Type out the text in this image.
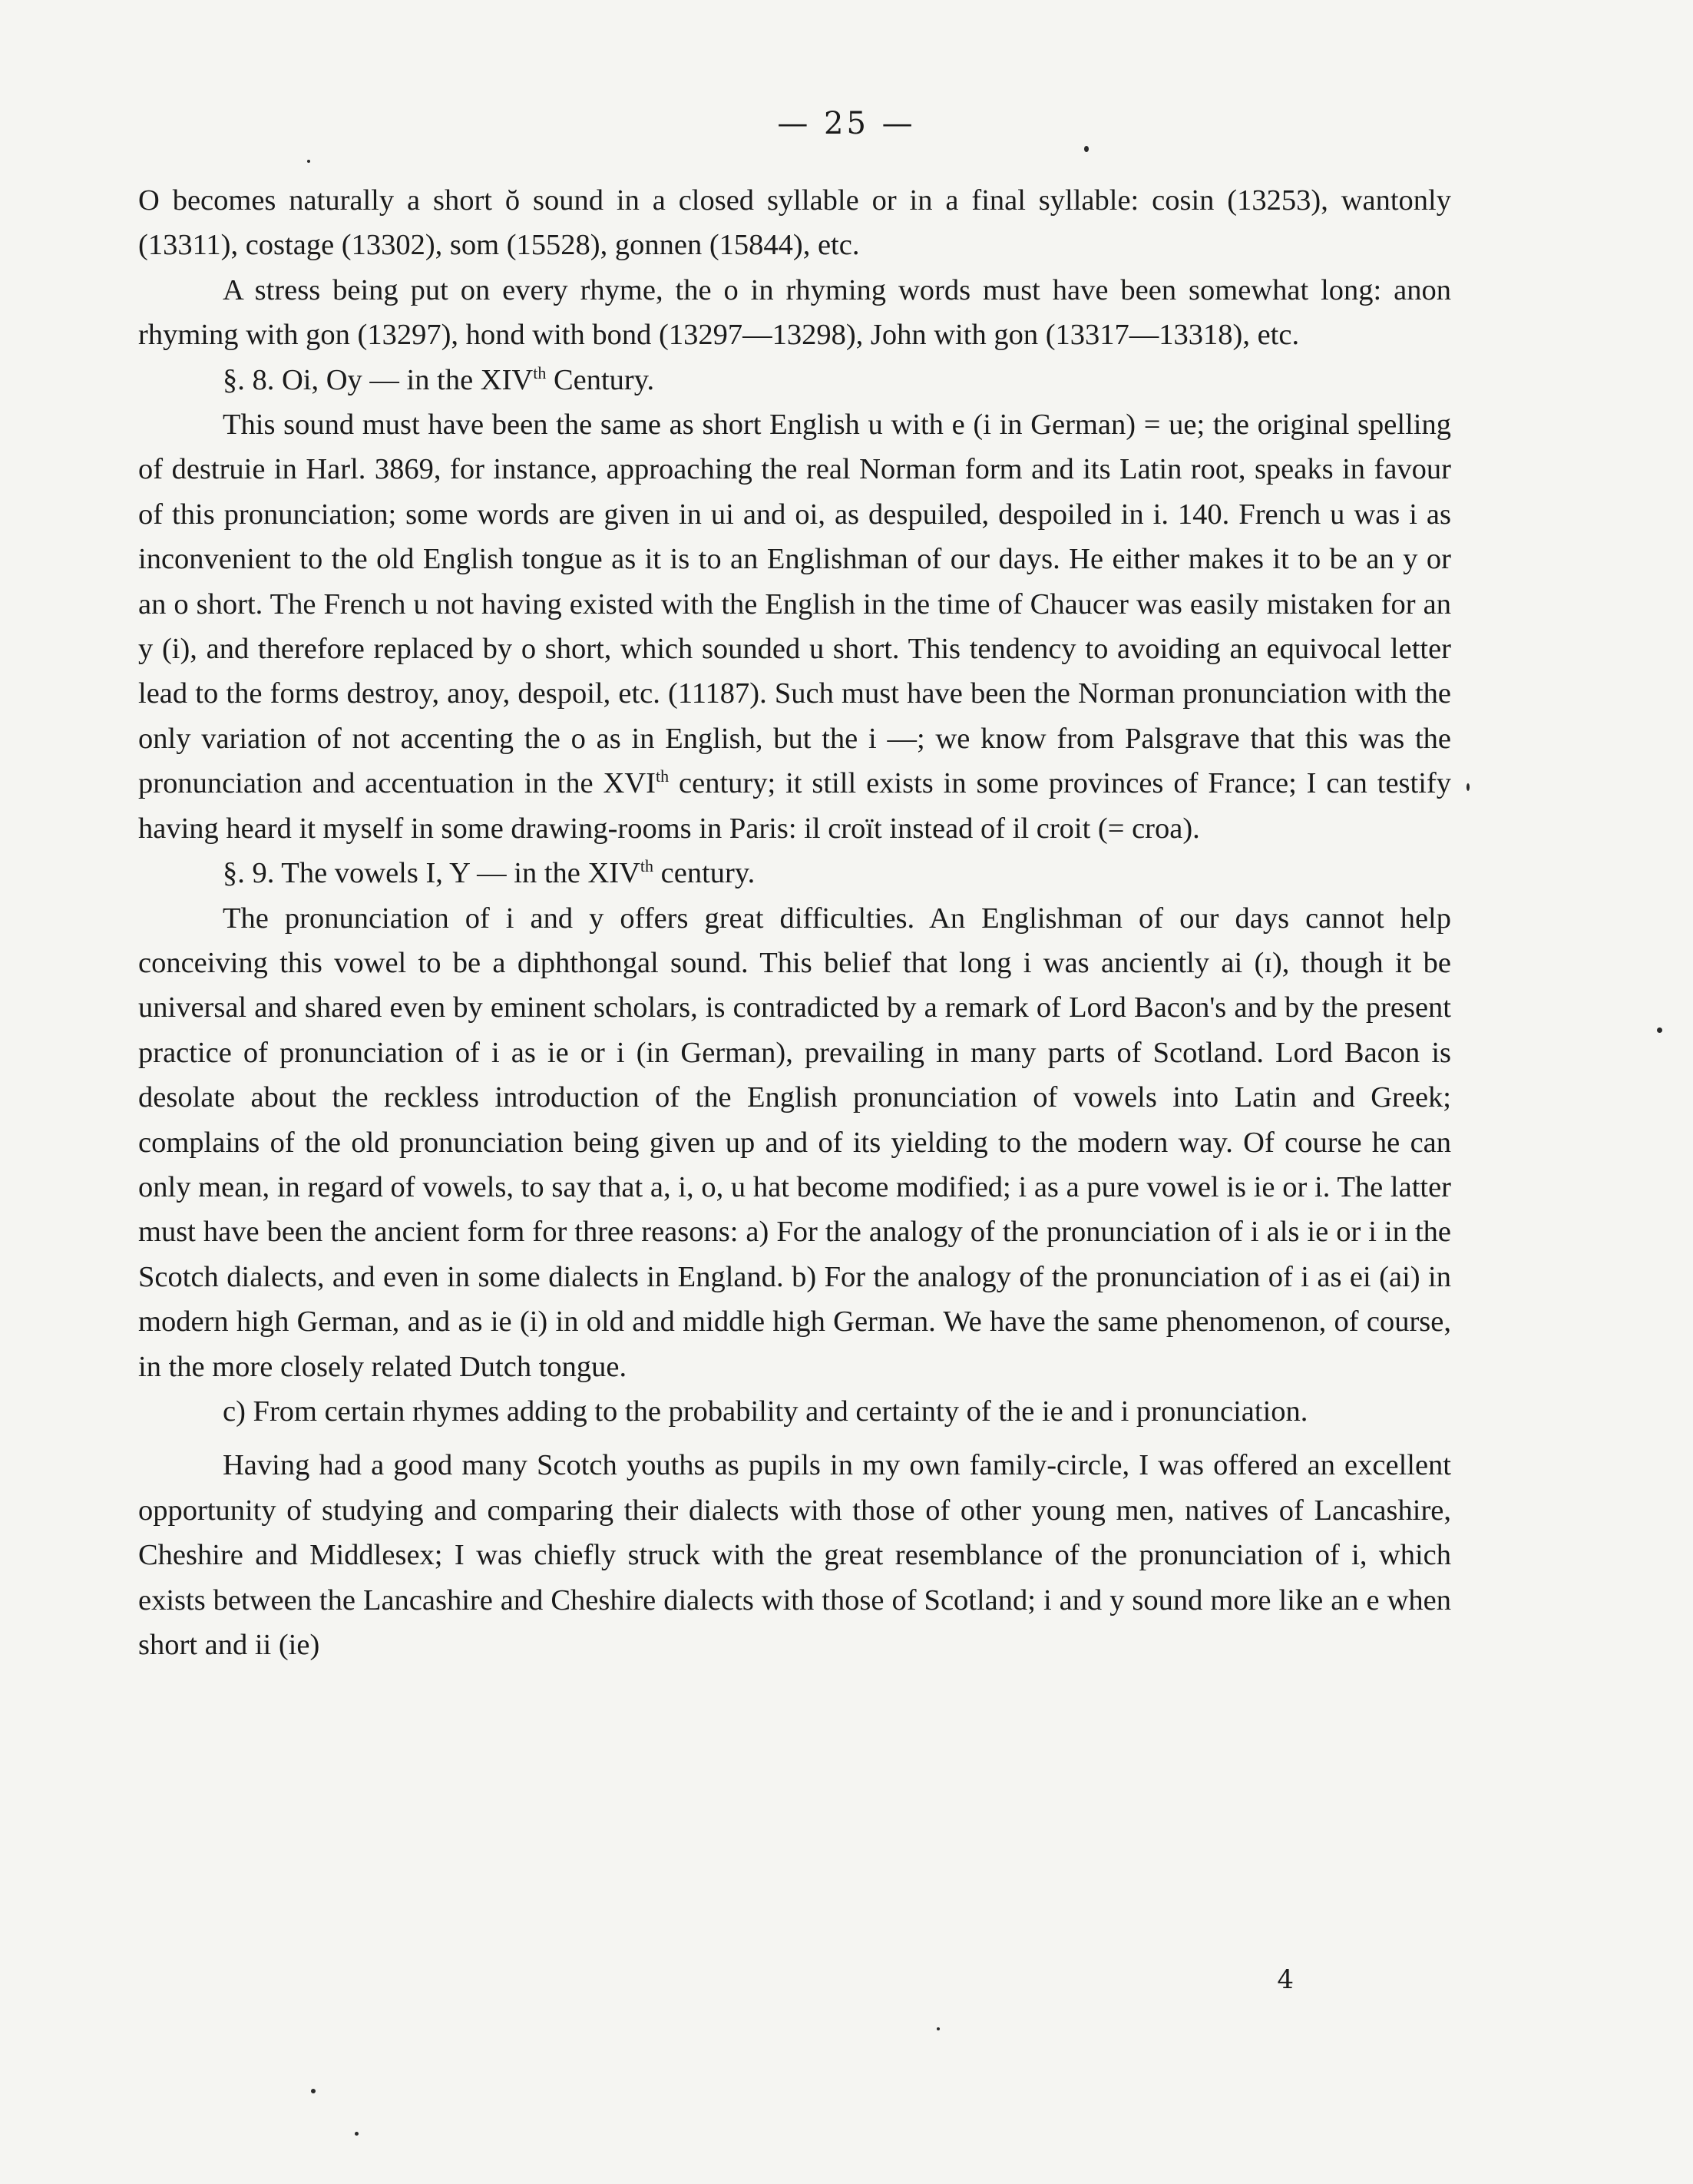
— 25 —

O becomes naturally a short ŏ sound in a closed syllable or in a final syllable: cosin (13253), wantonly (13311), costage (13302), som (15528), gonnen (15844), etc.

A stress being put on every rhyme, the o in rhyming words must have been somewhat long: anon rhyming with gon (13297), hond with bond (13297—13298), John with gon (13317—13318), etc.

§. 8. Oi, Oy — in the XIVth Century.

This sound must have been the same as short English u with e (i in German) = ue; the original spelling of destruie in Harl. 3869, for instance, approaching the real Norman form and its Latin root, speaks in favour of this pronunciation; some words are given in ui and oi, as despuiled, despoiled in i. 140. French u was i as inconvenient to the old English tongue as it is to an Englishman of our days. He either makes it to be an y or an o short. The French u not having existed with the English in the time of Chaucer was easily mistaken for an y (i), and therefore replaced by o short, which sounded u short. This tendency to avoiding an equivocal letter lead to the forms destroy, anoy, despoil, etc. (11187). Such must have been the Norman pronunciation with the only variation of not accenting the o as in English, but the i —; we know from Palsgrave that this was the pronunciation and accentuation in the XVIth century; it still exists in some provinces of France; I can testify having heard it myself in some drawing-rooms in Paris: il croït instead of il croit (= croa).

§. 9. The vowels I, Y — in the XIVth century.

The pronunciation of i and y offers great difficulties. An Englishman of our days cannot help conceiving this vowel to be a diphthongal sound. This belief that long i was anciently ai (ɪ), though it be universal and shared even by eminent scholars, is contradicted by a remark of Lord Bacon's and by the present practice of pronunciation of i as ie or i (in German), prevailing in many parts of Scotland. Lord Bacon is desolate about the reckless introduction of the English pronunciation of vowels into Latin and Greek; complains of the old pronunciation being given up and of its yielding to the modern way. Of course he can only mean, in regard of vowels, to say that a, i, o, u hat become modified; i as a pure vowel is ie or i. The latter must have been the ancient form for three reasons: a) For the analogy of the pronunciation of i als ie or i in the Scotch dialects, and even in some dialects in England. b) For the analogy of the pronunciation of i as ei (ai) in modern high German, and as ie (i) in old and middle high German. We have the same phenomenon, of course, in the more closely related Dutch tongue.

c) From certain rhymes adding to the probability and certainty of the ie and i pronunciation.

Having had a good many Scotch youths as pupils in my own family-circle, I was offered an excellent opportunity of studying and comparing their dialects with those of other young men, natives of Lancashire, Cheshire and Middlesex; I was chiefly struck with the great resemblance of the pronunciation of i, which exists between the Lancashire and Cheshire dialects with those of Scotland; i and y sound more like an e when short and ii (ie)

4
